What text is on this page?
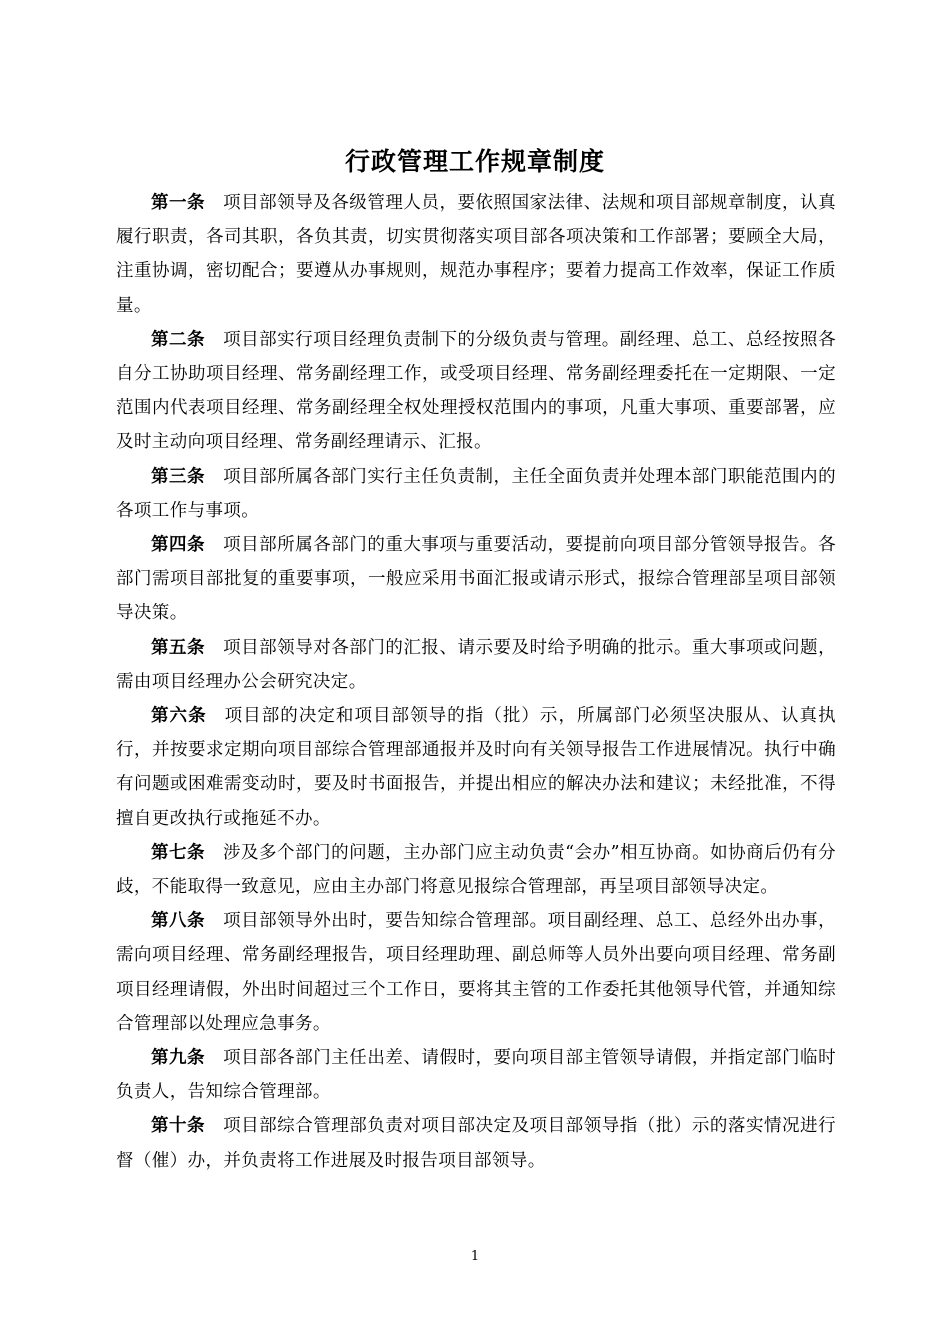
行政管理工作规章制度

第一条 项目部领导及各级管理人员，要依照国家法律、法规和项目部规章制度，认真履行职责，各司其职，各负其责，切实贯彻落实项目部各项决策和工作部署；要顾全大局，注重协调，密切配合；要遵从办事规则，规范办事程序；要着力提高工作效率，保证工作质量。

第二条 项目部实行项目经理负责制下的分级负责与管理。副经理、总工、总经按照各自分工协助项目经理、常务副经理工作，或受项目经理、常务副经理委托在一定期限、一定范围内代表项目经理、常务副经理全权处理授权范围内的事项，凡重大事项、重要部署，应及时主动向项目经理、常务副经理请示、汇报。

第三条 项目部所属各部门实行主任负责制，主任全面负责并处理本部门职能范围内的各项工作与事项。

第四条 项目部所属各部门的重大事项与重要活动，要提前向项目部分管领导报告。各部门需项目部批复的重要事项，一般应采用书面汇报或请示形式，报综合管理部呈项目部领导决策。

第五条 项目部领导对各部门的汇报、请示要及时给予明确的批示。重大事项或问题，需由项目经理办公会研究决定。

第六条 项目部的决定和项目部领导的指（批）示，所属部门必须坚决服从、认真执行，并按要求定期向项目部综合管理部通报并及时向有关领导报告工作进展情况。执行中确有问题或困难需变动时，要及时书面报告，并提出相应的解决办法和建议；未经批准，不得擅自更改执行或拖延不办。

第七条 涉及多个部门的问题，主办部门应主动负责“会办”相互协商。如协商后仍有分歧，不能取得一致意见，应由主办部门将意见报综合管理部，再呈项目部领导决定。

第八条 项目部领导外出时，要告知综合管理部。项目副经理、总工、总经外出办事，需向项目经理、常务副经理报告，项目经理助理、副总师等人员外出要向项目经理、常务副项目经理请假，外出时间超过三个工作日，要将其主管的工作委托其他领导代管，并通知综合管理部以处理应急事务。

第九条 项目部各部门主任出差、请假时，要向项目部主管领导请假，并指定部门临时负责人，告知综合管理部。

第十条 项目部综合管理部负责对项目部决定及项目部领导指（批）示的落实情况进行督（催）办，并负责将工作进展及时报告项目部领导。

1
